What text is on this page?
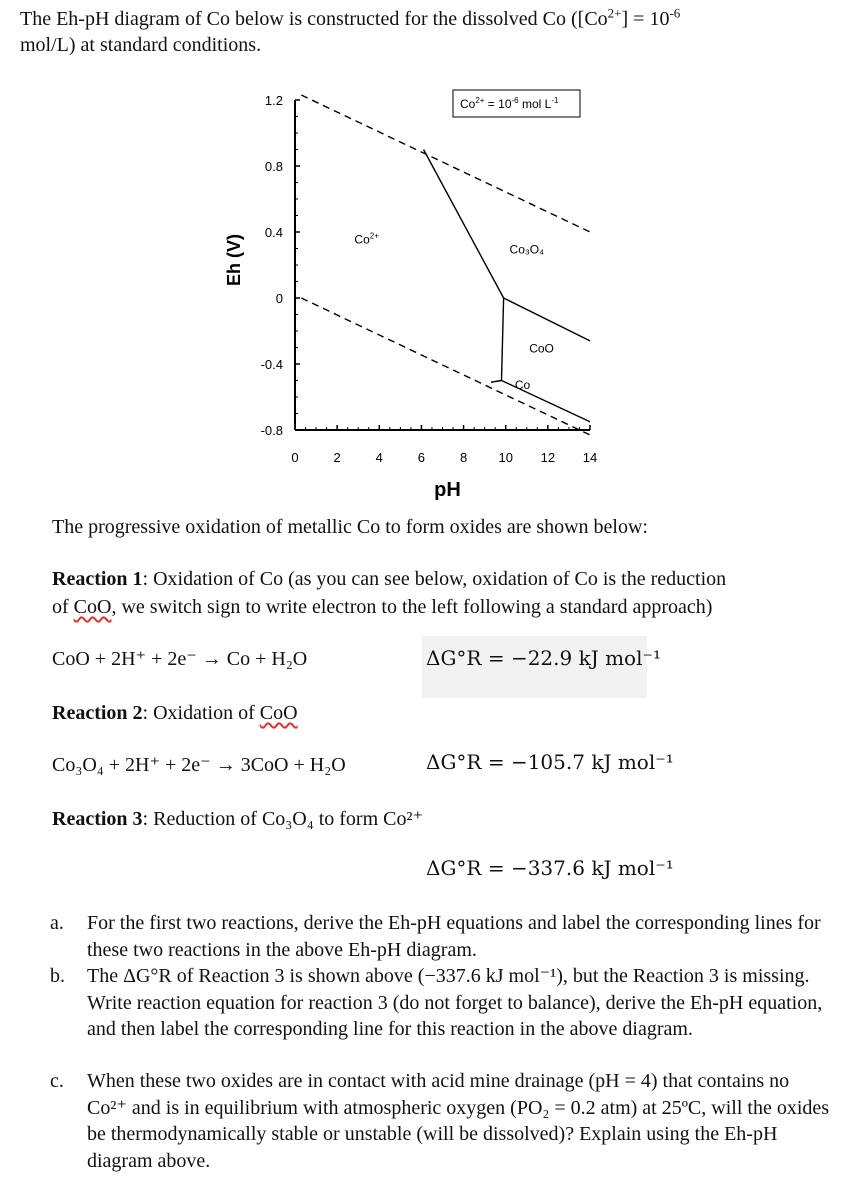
The Eh-pH diagram of Co below is constructed for the dissolved Co ($[Co^{2+}] = 10^{-6}$
mol/L) at standard conditions.
1.2
0.8
0.4
0
-0.4
-0.8
0	2	4	6	8 10 12 14
pH
Eh (V)
$Co^{2+} = 10^{-6}$ mol $L^{-1}$
$Co^{2+}$
Co₃O₄
CoO
Co
The progressive oxidation of metallic Co to form oxides are shown below:
Reaction 1: Oxidation of Co (as you can see below, oxidation of Co is the reduction
of CoO, we switch sign to write electron to the left following a standard approach)
CoO + 2H⁺ + 2e⁻ → Co + H₂O	ΔG°R = −22.9 kJ mol⁻¹
Reaction 2: Oxidation of CoO
Co₃O₄ + 2H⁺ + 2e⁻ → 3CoO + H₂O	ΔG°R = −105.7 kJ mol⁻¹
Reaction 3: Reduction of Co₃O₄ to form Co²⁺
ΔG°R = −337.6 kJ mol⁻¹
a. For the first two reactions, derive the Eh-pH equations and label the corresponding lines for these two reactions in the above Eh-pH diagram.
b. The ΔG°R of Reaction 3 is shown above (−337.6 kJ mol⁻¹), but the Reaction 3 is missing. Write reaction equation for reaction 3 (do not forget to balance), derive the Eh-pH equation, and then label the corresponding line for this reaction in the above diagram.
c. When these two oxides are in contact with acid mine drainage (pH = 4) that contains no Co²⁺ and is in equilibrium with atmospheric oxygen (PO₂ = 0.2 atm) at 25ºC, will the oxides be thermodynamically stable or unstable (will be dissolved)? Explain using the Eh-pH diagram above.
